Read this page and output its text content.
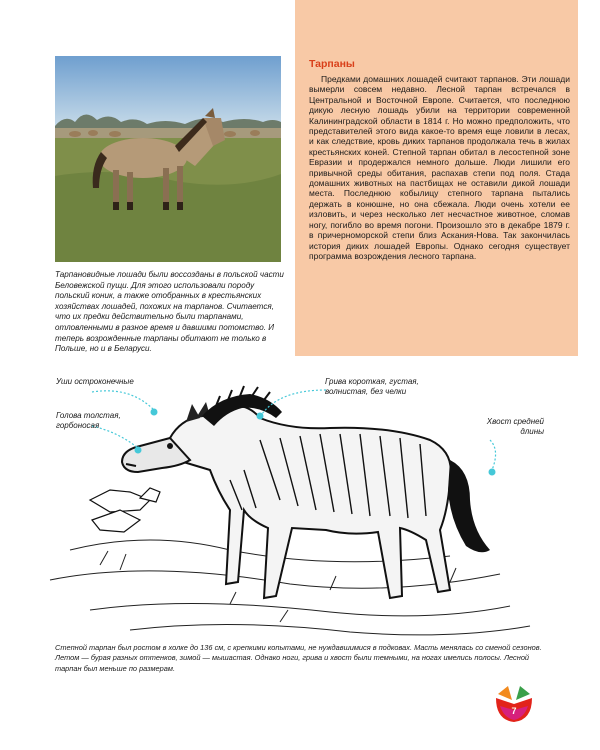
Тарпановидные лошади были воссозданы в польской части Беловежской пущи. Для этого использовали породу польский коник, а также отобранных в крестьянских хозяйствах лошадей, похожих на тарпанов. Считается, что их предки действительно были тарпанами, отловленными в разное время и давшими потомство. И теперь возрожденные тарпаны обитают не только в Польше, но и в Беларуси.
Тарпаны

Предками домашних лошадей считают тарпанов. Эти лошади вымерли совсем недавно. Лесной тарпан встречался в Центральной и Восточной Европе. Считается, что последнюю дикую лесную лошадь убили на территории современной Калининградской области в 1814 г. Но можно предположить, что представителей этого вида какое-то время еще ловили в лесах, и как следствие, кровь диких тарпанов продолжала течь в жилах крестьянских коней. Степной тарпан обитал в лесостепной зоне Евразии и продержался немного дольше. Люди лишили его привычной среды обитания, распахав степи под поля. Стада домашних животных на пастбищах не оставили дикой лошади места. Последнюю кобылицу степного тарпана пытались держать в конюшне, но она сбежала. Люди очень хотели ее изловить, и через несколько лет несчастное животное, сломав ногу, погибло во время погони. Произошло это в декабре 1879 г. в причерноморской степи близ Аскания-Нова. Так закончилась история диких лошадей Европы. Однако сегодня существует программа возрождения лесного тарпана.

Уши остроконечные	Грива короткая, густая,
волнистая, без челки
Голова толстая,
горбоносая	Хвост средней
длины
Степной тарпан был ростом в холке до 136 см, с крепкими копытами, не нуждавшимися в подковах. Масть менялась со сменой сезонов. Летом — бурая разных оттенков, зимой — мышастая. Однако ноги, грива и хвост были темными, на ногах имелись полосы. Лесной тарпан был меньше по размерам.
7
